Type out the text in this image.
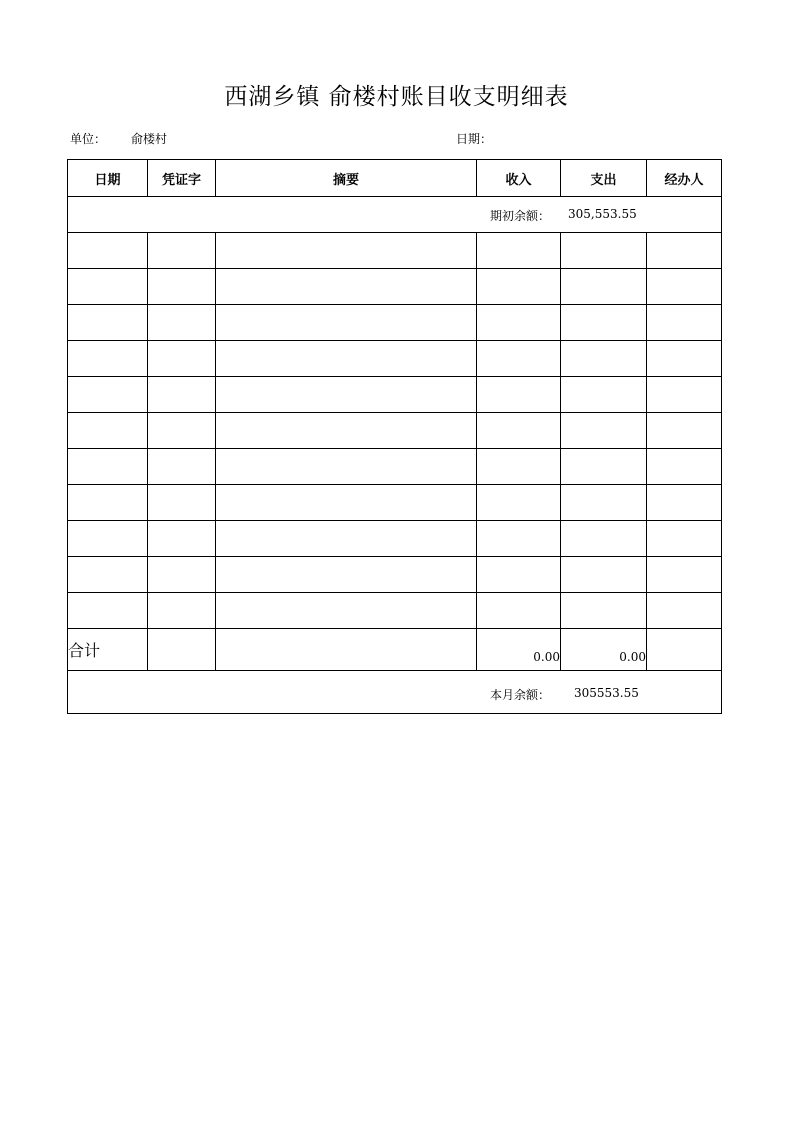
西湖乡镇 俞楼村账目收支明细表
单位： 俞楼村	日期：
日期	凭证字	摘要	收入	支出	经办人

期初余额： 305,553.55					

合计			0.00	0.00	

本月余额： 305553.55					
